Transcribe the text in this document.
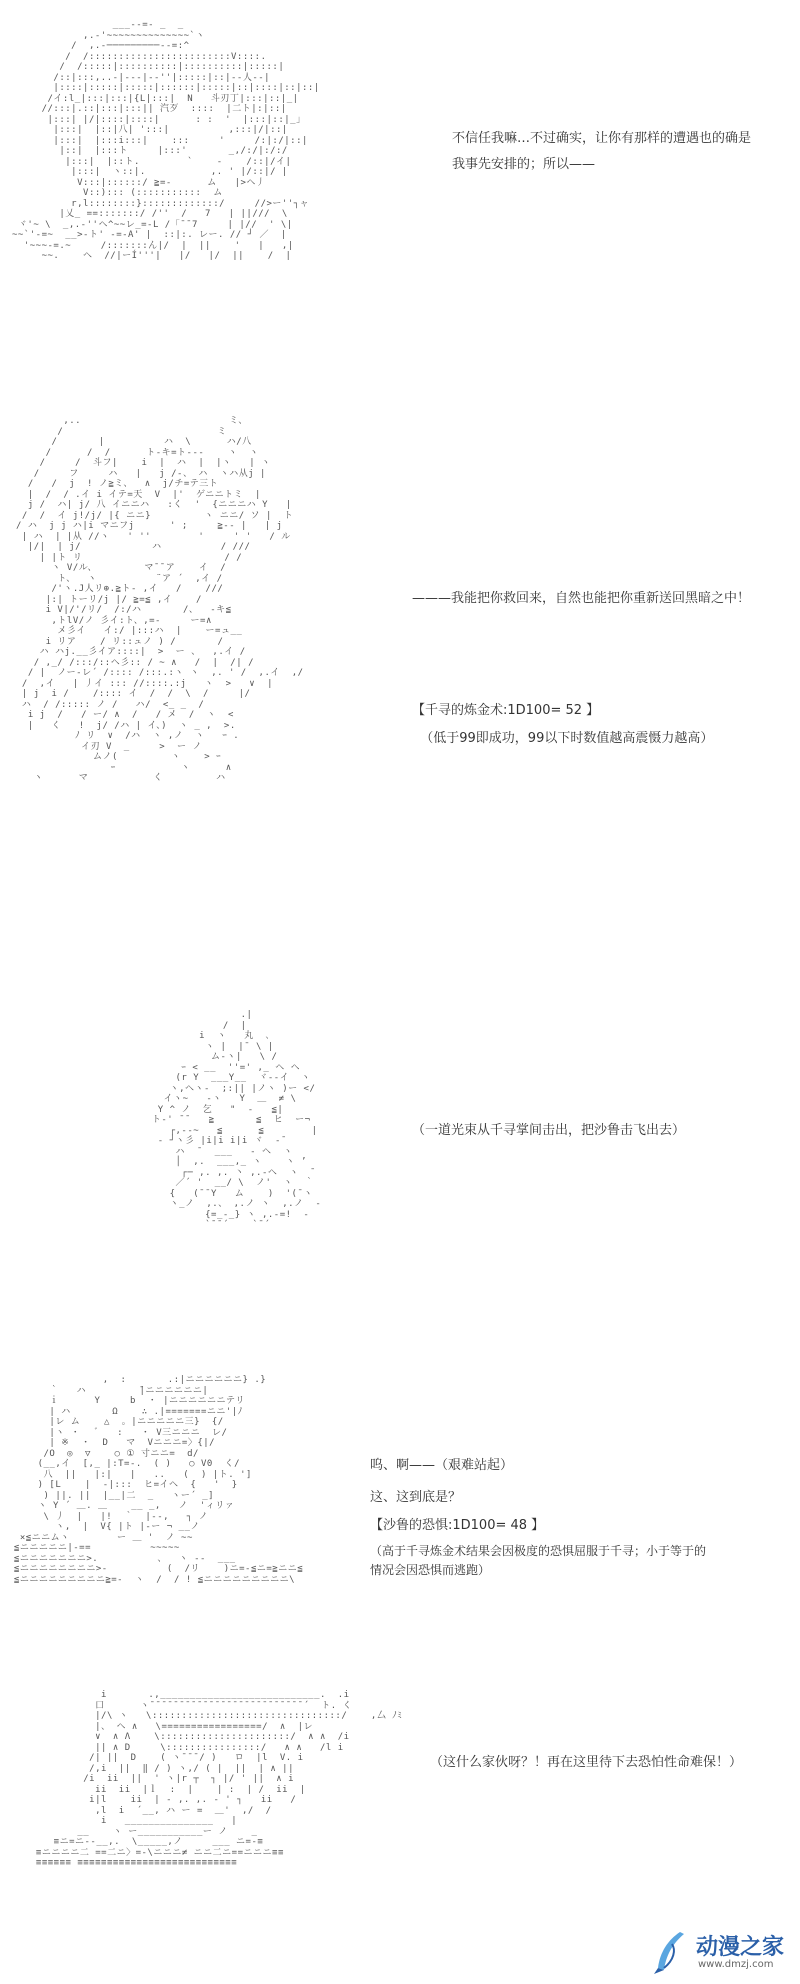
___--=- _  _
,.-'~~~~~~~~~~~~~~`ヽ
/  ,.-─────────‐-=:^
/  /::::::::::::::::::::::::V::::.
/  /:::::|::::::::::|::::::::::|:::::|
/::|:::,..-|---|‐-''|:::::|::|--人--|
|::::|:::::|:::::|::::::|:::::|::|::::|::|::|
/イ:l_|:::|:::|{L|:::|  N   斗刃丁|:::|::|_|
//:::|.::|:::|:::|| 汽歹  ::::  |二ト|:|::|
|:::| |/|::::|::::|      : :  '  |:::|::|_」
|:::|  |::|八| ':::|          ,:::|/|::|
|:::|  |:::i:::|    :::     '     /:|:/|::|
|::|  |:::ト     |:::'       _,/:/|:/:/
|:::|  |::ト.        `    -    /::|/イ|
|:::|  ヽ::|.           ,. ' |/::|/ |
V:::|::::::/ ≧=-      ム   |>ヘ丿
V::)::: (:::::::::::  ム
r,l::::::::}:::::::::::::/     //>ー''┐ャ
|乂_ ==:::::::/ /''  /   7   | ||///  \
ヾ'~ \  _,.-''ヘ^~~レ_=-L /「¯¯7     | |//  ' \|
~~`'-=~  __>-ト' ‐=-A' |  ::|:. レー. // ┘ ／  |
'~~~-=.~     /:::::::ん|/  |  ||    '   |   ,|
~~.    ヘ  //|ーÍ'''|   |/   |/  ||    /  |
不信任我嘛…不过确实，让你有那样的遭遇也的确是
我事先安排的；所以——
,..                         ミ、
/                          ミ
/       |          ハ  \      ハ/八
/      /  /      ト‐キ=ト‐‐‐    ヽ  ヽ
/     /  斗フ|    i  |  ハ  |  |ヽ   | ヽ
/     フ     ハ   |   j /-、 ハ  ヽハ从j |
/   /  j  ! ノ≧ミ、  ∧  j/チ=テ三ト
|  /  / .イ i イテ=天  V  |'  ゲニニトミ  |
j /  ハ| j/ 八 イニニハ   :く  '  {ニニニハ Y   |
/  /  イ j!/j/ |{ ニニ}         ヽ ニニ/ ソ |  ト
/ ハ  j j ハ|i マニフj      ' ;     ≧-‐ |   | j
| ハ  | |从 //ヽ   ' ''        '     ' '   / ル
|/|  | j/            ハ          / ///
| |ト リ                        / /
ヽ V/ル、        マ¯¯ア    イ  /
ト、  ヽ          ¨ア ´  ,イ /
/'ヽ.J人リ⊕.≧ト‐ ,イ   /    ///
|:| トーリ/j |/ ≧=≦ ,イ    /
i V|/'/リ/  /:/ハ       /、  -キ≦
,トlV/ノ 彡イ:ト、,=-     ー=∧
メ彡イ   イ:/ |:::ハ  |    ー=ュ__
i リア    / リ::ュノ ) /       /
ハ ハj.__彡イア::::|  >  ー 、  ,.イ /
/ ,_/ /:::/::ヘ彡:: / ~ ∧   /  |  /| /
/ |  ノー‐レ´ /:::: /:::.:ヽ ヽ  ,. ' /  ,.イ  ,/
/  ,イ   | 丿イ ::: //::::.:j   ヽ  >   ∨  |
| j  i /    /:::: イ  /  /  \  /     |/
ハ  / /::::: ノ /   ハ/  <_ _  /
i j  /   / ー/ ∧  /   / メ  /  ヽ  <
|   く   !  j/ /ハ | イ、)  ヽ _ ,  >.
ﾉ リ  ∨  /ハ  ヽ ,ノ  ヽ   ｰ .
イ刃 V  _     >  ー ノ
ムノ(         ヽ    > ｰ
ｰ           ヽ      ∧
ヽ      マ           く         ハ

———我能把你救回来，自然也能把你重新送回黑暗之中！
【千寻的炼金术:1D100= 52 】
（低于99即成功，99以下时数值越高震慑力越高）
.|
/  |
i  ヽ   丸  ､
ヽ |  |¯ \ |
ム‐ヽ|   \ /
ｰ < __  ''=' ,_ ヘ ヘ
(r Y  ___Y__  ヾ--イ  ヽ
ヽ,ヘヽ-  ;:|| |ノヽ )ー </
イヽ~   -ヽ   Y  ＿  ≠ \
Y ^ ノ  乞   "  ‐   ≦|
ト-' ¯¯   ≧       ≦  ヒ  ー¬
┌,-‐~   ≦      ≦        |
‐ ┘ヽ彡 |i|i i|i ヾ  ‐¯
ハ  ¯  ___   ‐ ヘ  ヽ
│  ,.  ___,_ ヽ    ヽ ’
┌─ ,. ,. 丶 ,.‐ヘ  ヽ  ̄
／´ '  __/ \  ノ'  ヽ  ｀
{   (¯¯Y   ム    )  '(¯ヽ
ヽ_ノ  ,.、 ,.ノ ヽ  ,.ノ  ‐
{=_‐_} ヽ ,.-=!  ‐
`¯¯´    `¯´
（一道光束从千寻掌间击出，把沙鲁击飞出去）
,  :       .:|ニニニニニニ} .}
｀   ハ         ̄|ニニニニニニ|
ｉ      Y     b  ・ |ニニニニニニテリ
| ハ       Ω    ∴ .|=======ニニ'|ﾉ
|レ ム    △  。|ニニニニニ三}  {/
|ヽ ・   ﾞ   :   ・ V三ニニニ  レ/
| ※  ・  D   マ  Vニニニ=〉{|/
/O  ◎  ▽    ○ ① 寸ニニ=  d/
(__,イ  [,_ |:T=-.  ( )   ○ V0  く/
八  ||   |:|   |   ..   (  ) |ト. ']
) [L    |  ‐|:::  ヒ=イヘ  {   '  }
) ||. ||  |__|二  _   ヽー´ _]
ヽ Y ´ ＿. ＿    __ _,   ノ  'ィリァ
\ 丿  |   |!  ｀  |‐-,   ┐ ノ
ヽ,  |  V{ |ト |‐ー ¬ __ノ
×≦ニニムヽ        ー ＿ '  ノ ~~
≦ニニニニニ|-==          ~~~~~
≦ニニニニニニニ>.          、  ヽ --  ___
≦ニニニニニニニニ>-          (  /リ    )ニ=-≦ニ=≧ニニ≦
≦ニニニニニニニニニ≧=-  ヽ  /  / ! ≦ニニニニニニニニニ\
呜、啊——（艰难站起）
这、这到底是？
【沙鲁的恐惧:1D100= 48 】
（高于千寻炼金术结果会因极度的恐惧屈服于千寻；小于等于的
情况会因恐惧而逃跑）
i       .,___________________________.  .i
口      ヽ¯¯¯¯¯¯¯¯¯¯¯¯¯¯¯¯¯¯¯¯¯¯¯¯¯¯´  ト. く
|/\ ヽ   \::::::::::::::::::::::::::::::::/    ,厶 ﾉﾐ
|、 ヘ ∧   \=================/  ∧  |レ
∨  ∧ Λ    \::::::::::::::::::::::/  ∧ ∧  /i
|| ∧ D     \::::::::::::::::/   ∧ ∧   /l i
/| ||  D    ( ヽ¯¯¯/ )   ロ  |l  V. i
/,i  ||  ‖ / ) ヽ,/ ( |  ||  | ∧ ||
/i  ii  ||  ' ヽ|r ┬  ┐ |/ ' ||  ∧ i
ii  ii  |ｌ  :  |    | :  | /  ii  |
i|l    ii  | ‐ ,. ,. ‐ ' ┐   ii   /
,l  i  ´__, ハ ー =  ＿'  ,/  /
i   _______________   |
__    ヽ ー___________ー ノ    _
≡ニ=ニ‐-__,.  \_____,ノ     ___ ニ=-≡
≡ニニニニ二 ==二ニ〉=-\ニニニ≠ ニニ二ニ==ニニニ≡≡
≡≡≡≡≡≡ ≡≡≡≡≡≡≡≡≡≡≡≡≡≡≡≡≡≡≡≡≡≡≡≡≡≡≡
（这什么家伙呀？！再在这里待下去恐怕性命难保！）
动漫之家
www.dmzj.com
